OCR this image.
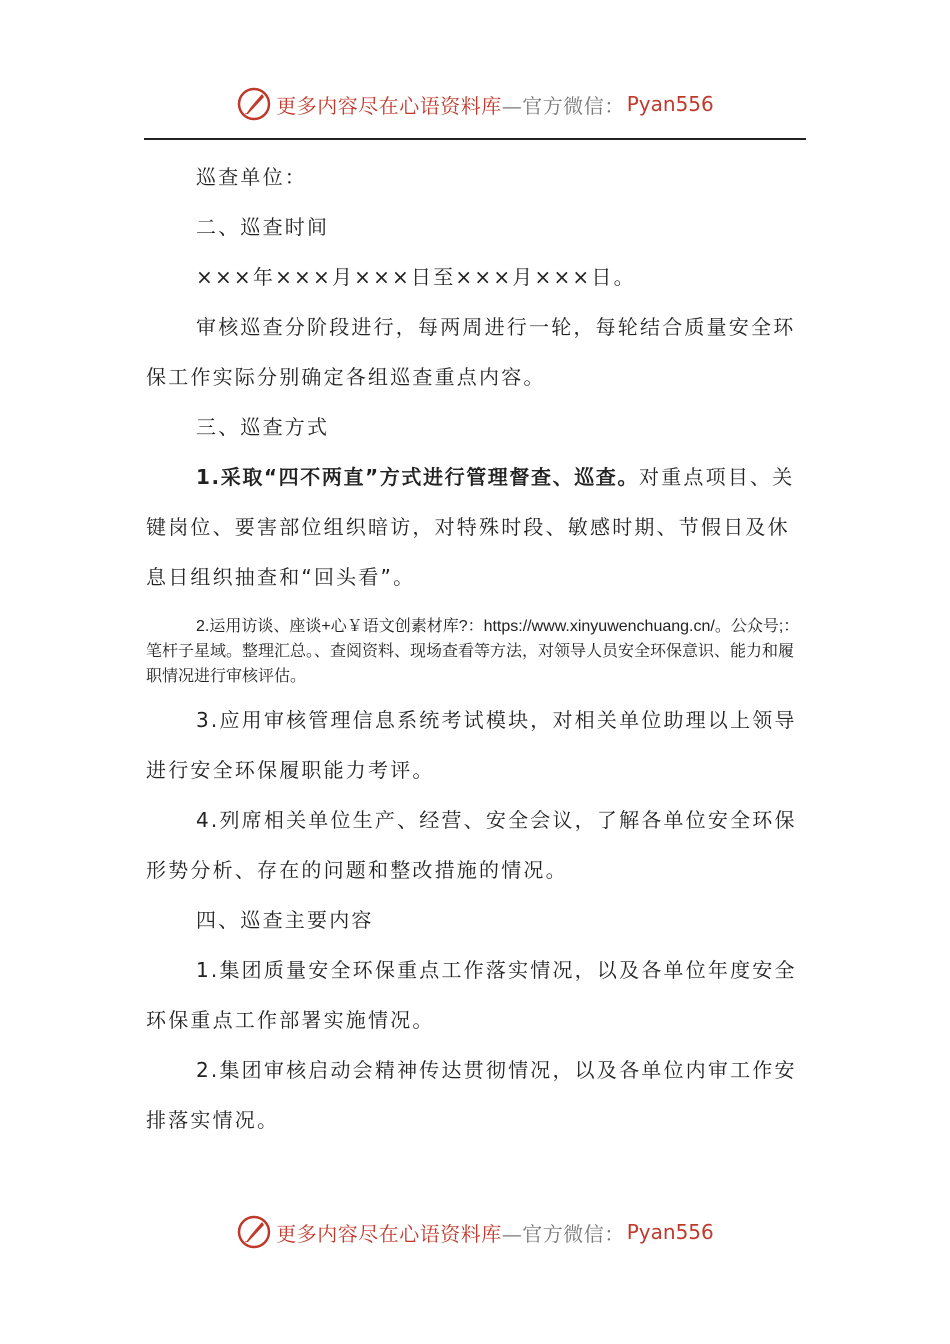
更多内容尽在心语资料库 —官方微信： Pyan556

巡查单位：

二、巡查时间

×××年×××月×××日至×××月×××日。

审核巡查分阶段进行，每两周进行一轮，每轮结合质量安全环保工作实际分别确定各组巡查重点内容。

三、巡查方式

1.采取“四不两直”方式进行管理督查、巡查。对重点项目、关键岗位、要害部位组织暗访，对特殊时段、敏感时期、节假日及休息日组织抽查和“回头看”。

2.运用访谈、座谈+心￥语文创素材库?：https://www.xinyuwenchuang.cn/。公众号;：笔杆子星域。整理汇总。、查阅资料、现场查看等方法，对领导人员安全环保意识、能力和履职情况进行审核评估。

3.应用审核管理信息系统考试模块，对相关单位助理以上领导进行安全环保履职能力考评。

4.列席相关单位生产、经营、安全会议，了解各单位安全环保形势分析、存在的问题和整改措施的情况。

四、巡查主要内容

1.集团质量安全环保重点工作落实情况，以及各单位年度安全环保重点工作部署实施情况。

2.集团审核启动会精神传达贯彻情况，以及各单位内审工作安排落实情况。

更多内容尽在心语资料库 —官方微信： Pyan556
